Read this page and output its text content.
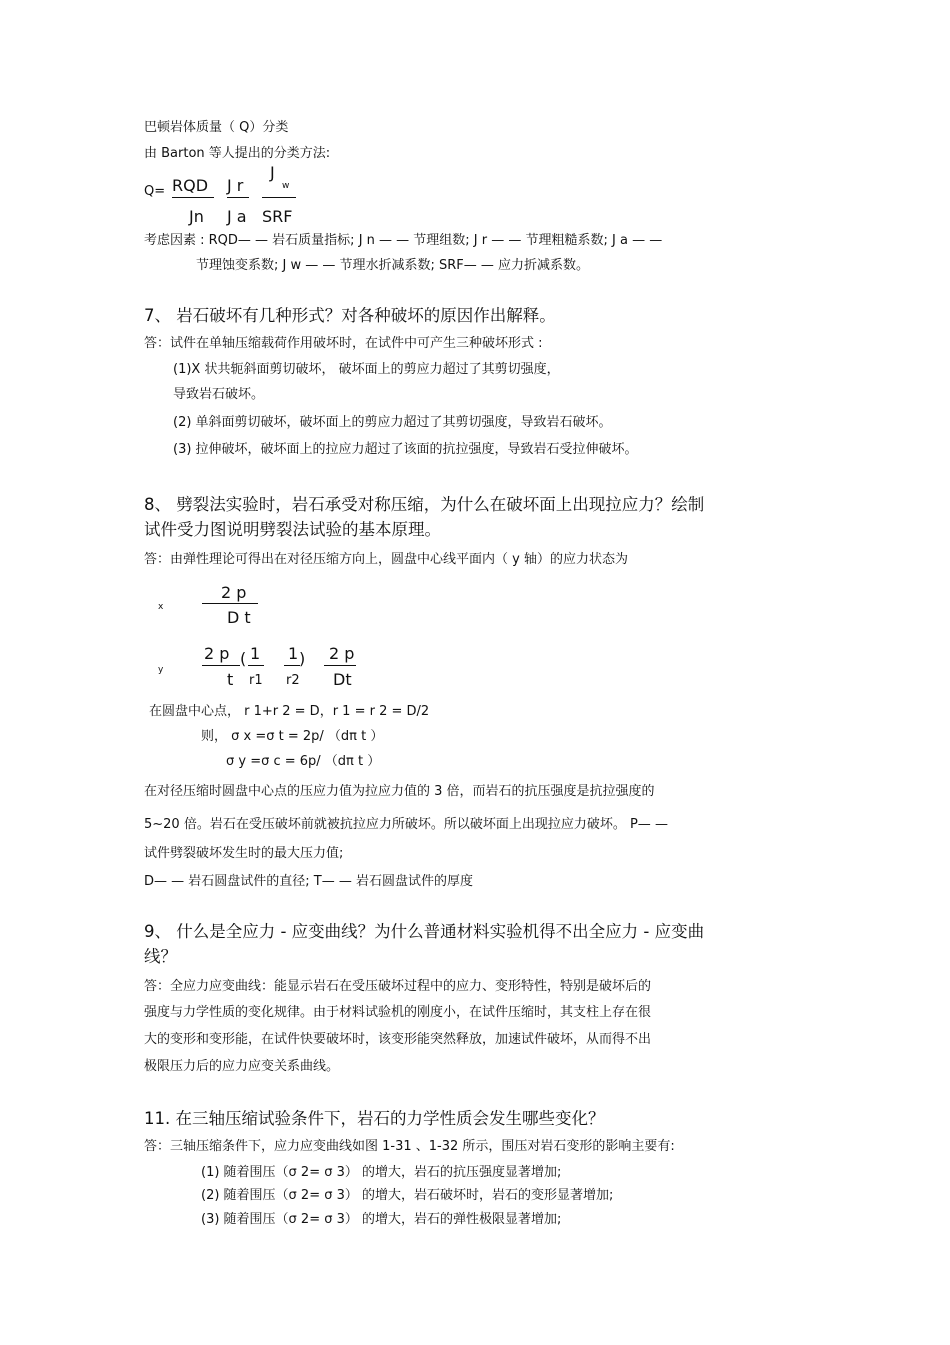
巴顿岩体质量（ Q）分类
由 Barton 等人提出的分类方法:
Q= RQD
Jn
J r
J a
J
w
SRF
考虑因素 : RQD— — 岩石质量指标; J n — — 节理组数; J r — — 节理粗糙系数; J a — —
节理蚀变系数; J w — — 节理水折减系数; SRF— — 应力折减系数。
7、 岩石破坏有几种形式？对各种破坏的原因作出解释。
答：试件在单轴压缩载荷作用破坏时，在试件中可产生三种破坏形式 :
(1)X 状共轭斜面剪切破坏， 破坏面上的剪应力超过了其剪切强度，
导致岩石破坏。
(2) 单斜面剪切破坏，破坏面上的剪应力超过了其剪切强度，导致岩石破坏。
(3) 拉伸破坏，破坏面上的拉应力超过了该面的抗拉强度，导致岩石受拉伸破坏。
8、 劈裂法实验时，岩石承受对称压缩，为什么在破坏面上出现拉应力？绘制
试件受力图说明劈裂法试验的基本原理。
答：由弹性理论可得出在对径压缩方向上，圆盘中心线平面内（ y 轴）的应力状态为
x
2 p
D t
y
2 p
t
( 1
r1
1
r2
) 2 p
Dt
在圆盘中心点， r 1+r 2 = D，r 1 = r 2 = D/2
则， σ x =σ t = 2p/ （dπ t ）
σ y =σ c = 6p/ （dπ t ）
在对径压缩时圆盘中心点的压应力值为拉应力值的 3 倍，而岩石的抗压强度是抗拉强度的
5~20 倍。岩石在受压破坏前就被抗拉应力所破坏。所以破坏面上出现拉应力破坏。 P— —
试件劈裂破坏发生时的最大压力值;
D— — 岩石圆盘试件的直径; T— — 岩石圆盘试件的厚度
9、 什么是全应力 - 应变曲线？为什么普通材料实验机得不出全应力 - 应变曲
线？
答：全应力应变曲线：能显示岩石在受压破坏过程中的应力、变形特性，特别是破坏后的
强度与力学性质的变化规律。由于材料试验机的刚度小，在试件压缩时，其支柱上存在很
大的变形和变形能，在试件快要破坏时，该变形能突然释放，加速试件破坏，从而得不出
极限压力后的应力应变关系曲线。
11. 在三轴压缩试验条件下，岩石的力学性质会发生哪些变化？
答：三轴压缩条件下，应力应变曲线如图 1-31 、1-32 所示，围压对岩石变形的影响主要有:
(1) 随着围压（σ 2= σ 3） 的增大，岩石的抗压强度显著增加;
(2) 随着围压（σ 2= σ 3） 的增大，岩石破坏时，岩石的变形显著增加;
(3) 随着围压（σ 2= σ 3） 的增大，岩石的弹性极限显著增加;
